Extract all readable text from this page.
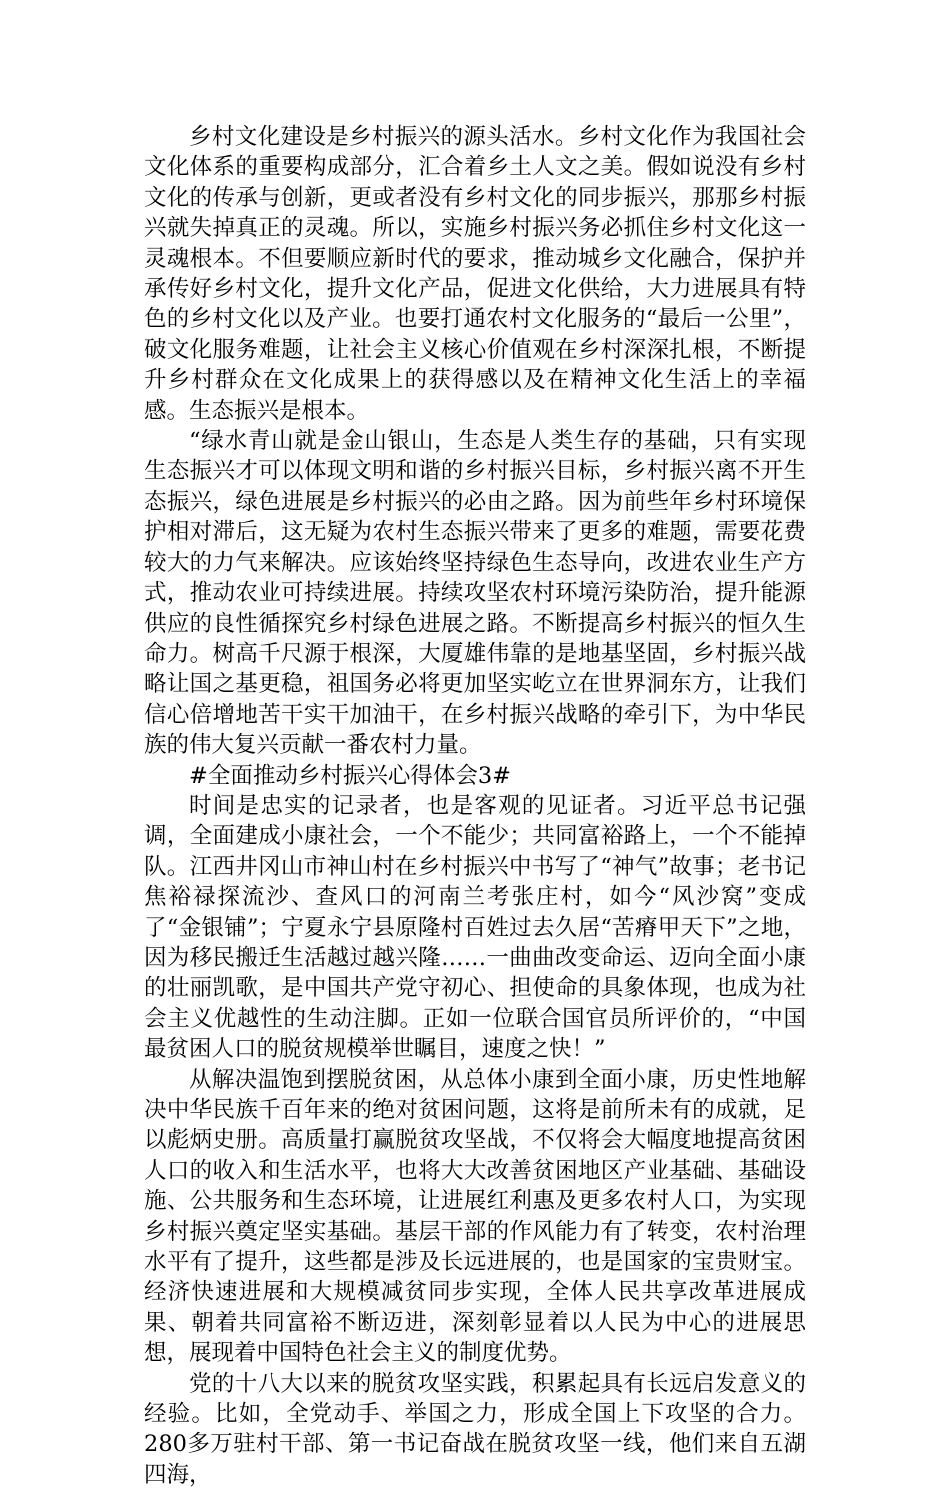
乡村文化建设是乡村振兴的源头活水。乡村文化作为我国社会文化体系的重要构成部分，汇合着乡土人文之美。假如说没有乡村文化的传承与创新，更或者没有乡村文化的同步振兴，那那乡村振兴就失掉真正的灵魂。所以，实施乡村振兴务必抓住乡村文化这一灵魂根本。不但要顺应新时代的要求，推动城乡文化融合，保护并承传好乡村文化，提升文化产品，促进文化供给，大力进展具有特色的乡村文化以及产业。也要打通农村文化服务的“最后一公里”，破文化服务难题，让社会主义核心价值观在乡村深深扎根，不断提升乡村群众在文化成果上的获得感以及在精神文化生活上的幸福感。生态振兴是根本。

“绿水青山就是金山银山，生态是人类生存的基础，只有实现生态振兴才可以体现文明和谐的乡村振兴目标，乡村振兴离不开生态振兴，绿色进展是乡村振兴的必由之路。因为前些年乡村环境保护相对滞后，这无疑为农村生态振兴带来了更多的难题，需要花费较大的力气来解决。应该始终坚持绿色生态导向，改进农业生产方式，推动农业可持续进展。持续攻坚农村环境污染防治，提升能源供应的良性循探究乡村绿色进展之路。不断提高乡村振兴的恒久生命力。树高千尺源于根深，大厦雄伟靠的是地基坚固，乡村振兴战略让国之基更稳，祖国务必将更加坚实屹立在世界洞东方，让我们信心倍增地苦干实干加油干，在乡村振兴战略的牵引下，为中华民族的伟大复兴贡献一番农村力量。

#全面推动乡村振兴心得体会3#

时间是忠实的记录者，也是客观的见证者。习近平总书记强调，全面建成小康社会，一个不能少；共同富裕路上，一个不能掉队。江西井冈山市神山村在乡村振兴中书写了“神气”故事；老书记焦裕禄探流沙、查风口的河南兰考张庄村，如今“风沙窝”变成了“金银铺”；宁夏永宁县原隆村百姓过去久居“苦瘠甲天下”之地，因为移民搬迁生活越过越兴隆……一曲曲改变命运、迈向全面小康的壮丽凯歌，是中国共产党守初心、担使命的具象体现，也成为社会主义优越性的生动注脚。正如一位联合国官员所评价的，“中国最贫困人口的脱贫规模举世瞩目，速度之快！”

从解决温饱到摆脱贫困，从总体小康到全面小康，历史性地解决中华民族千百年来的绝对贫困问题，这将是前所未有的成就，足以彪炳史册。高质量打赢脱贫攻坚战，不仅将会大幅度地提高贫困人口的收入和生活水平，也将大大改善贫困地区产业基础、基础设施、公共服务和生态环境，让进展红利惠及更多农村人口，为实现乡村振兴奠定坚实基础。基层干部的作风能力有了转变，农村治理水平有了提升，这些都是涉及长远进展的，也是国家的宝贵财宝。经济快速进展和大规模减贫同步实现，全体人民共享改革进展成果、朝着共同富裕不断迈进，深刻彰显着以人民为中心的进展思想，展现着中国特色社会主义的制度优势。

党的十八大以来的脱贫攻坚实践，积累起具有长远启发意义的经验。比如，全党动手、举国之力，形成全国上下攻坚的合力。280多万驻村干部、第一书记奋战在脱贫攻坚一线，他们来自五湖四海，
